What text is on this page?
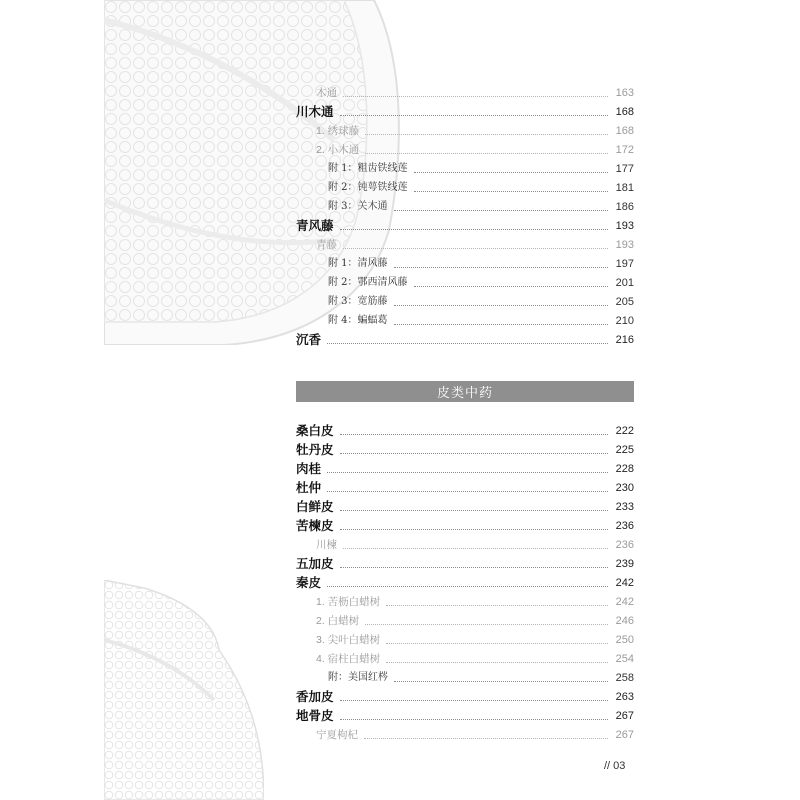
木通	163
川木通	168
1. 绣球藤	168
2. 小木通	172
附 1：粗齿铁线莲	177
附 2：钝萼铁线莲	181
附 3：关木通	186
青风藤	193
青藤	193
附 1：清风藤	197
附 2：鄂西清风藤	201
附 3：宽筋藤	205
附 4：蝙蝠葛	210
沉香	216
皮类中药
桑白皮	222
牡丹皮	225
肉桂	228
杜仲	230
白鲜皮	233
苦楝皮	236
川楝	236
五加皮	239
秦皮	242
1. 苦枥白蜡树	242
2. 白蜡树	246
3. 尖叶白蜡树	250
4. 宿柱白蜡树	254
附：美国红梣	258
香加皮	263
地骨皮	267
宁夏枸杞	267
// 03
